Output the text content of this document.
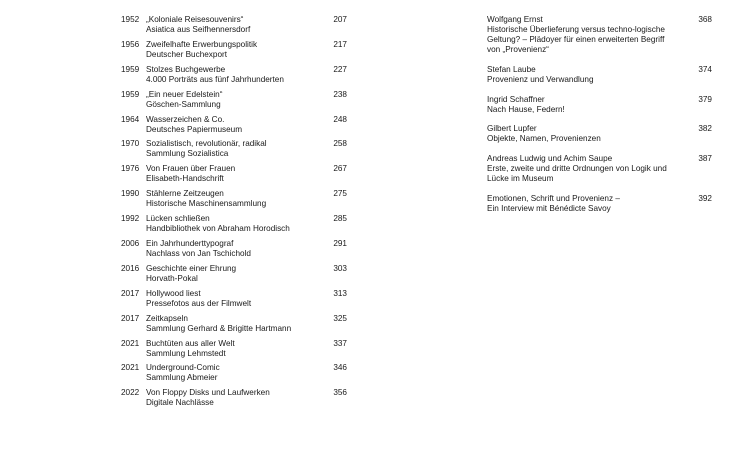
1952 „Koloniale Reisesouvenirs“
Asiatica aus Seifhennersdorf
207
1956 Zweifelhafte Erwerbungspolitik
Deutscher Buchexport
217
1959 Stolzes Buchgewerbe
4.000 Porträts aus fünf Jahrhunderten
227
1959 „Ein neuer Edelstein“
Göschen-Sammlung
238
1964 Wasserzeichen & Co.
Deutsches Papiermuseum
248
1970 Sozialistisch, revolutionär, radikal
Sammlung Sozialistica
258
1976 Von Frauen über Frauen
Elisabeth-Handschrift
267
1990 Stählerne Zeitzeugen
Historische Maschinensammlung
275
1992 Lücken schließen
Handbibliothek von Abraham Horodisch
285
2006 Ein Jahrhunderttypograf
Nachlass von Jan Tschichold
291
2016 Geschichte einer Ehrung
Horvath-Pokal
303
2017 Hollywood liest
Pressefotos aus der Filmwelt
313
2017 Zeitkapseln
Sammlung Gerhard & Brigitte Hartmann
325
2021 Buchtüten aus aller Welt
Sammlung Lehmstedt
337
2021 Underground-Comic
Sammlung Abmeier
346
2022 Von Floppy Disks und Laufwerken
Digitale Nachlässe
356
Wolfgang Ernst
Historische Überlieferung versus techno-logische
Geltung? – Plädoyer für einen erweiterten Begriff
von „Provenienz“
368
Stefan Laube
Provenienz und Verwandlung
374
Ingrid Schaffner
Nach Hause, Federn!
379
Gilbert Lupfer
Objekte, Namen, Provenienzen
382
Andreas Ludwig und Achim Saupe
Erste, zweite und dritte Ordnungen von Logik und
Lücke im Museum
387
Emotionen, Schrift und Provenienz –
Ein Interview mit Bénédicte Savoy
392
